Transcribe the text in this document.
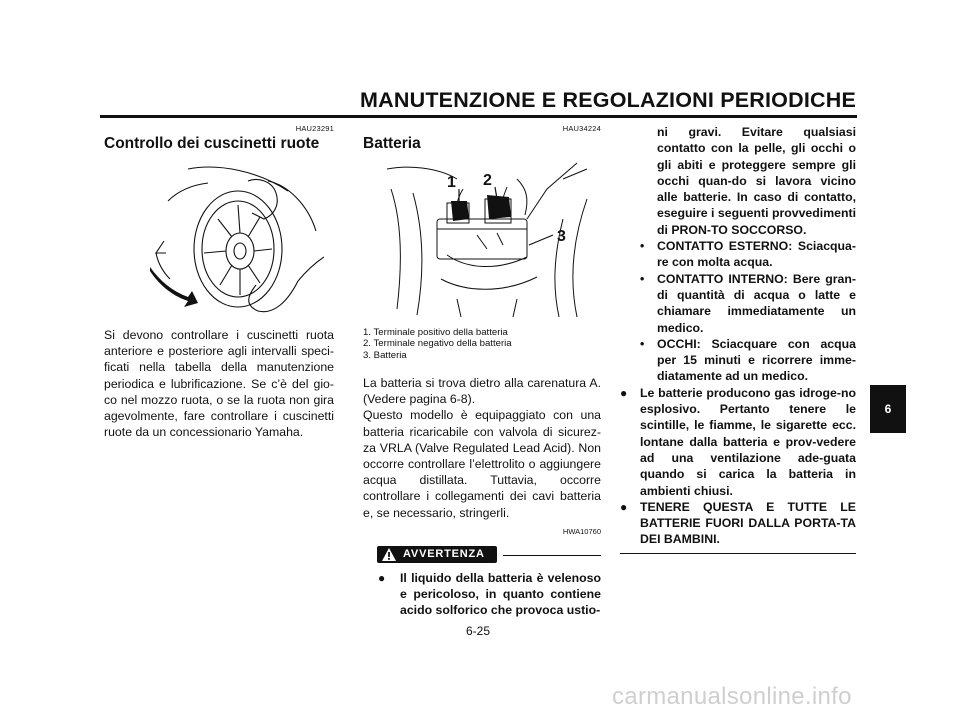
MANUTENZIONE E REGOLAZIONI PERIODICHE
HAU23291
Controllo dei cuscinetti ruote
Si devono controllare i cuscinetti ruota anteriore e posteriore agli intervalli speci-ficati nella tabella della manutenzione periodica e lubrificazione. Se c’è del gio-co nel mozzo ruota, o se la ruota non gira agevolmente, fare controllare i cuscinetti ruote da un concessionario Yamaha.
HAU34224
Batteria
1 2
3
1. Terminale positivo della batteria
2. Terminale negativo della batteria
3. Batteria
La batteria si trova dietro alla carenatura A. (Vedere pagina 6-8).
Questo modello è equipaggiato con una batteria ricaricabile con valvola di sicurez-za VRLA (Valve Regulated Lead Acid). Non occorre controllare l’elettrolito o aggiungere acqua distillata. Tuttavia, occorre controllare i collegamenti dei cavi batteria e, se necessario, stringerli.
HWA10760
AVVERTENZA
● Il liquido della batteria è velenoso e pericoloso, in quanto contiene acido solforico che provoca ustio-
ni gravi. Evitare qualsiasi contatto con la pelle, gli occhi o gli abiti e proteggere sempre gli occhi quan-do si lavora vicino alle batterie. In caso di contatto, eseguire i seguenti provvedimenti di PRON-TO SOCCORSO.
• CONTATTO ESTERNO: Sciacqua-re con molta acqua.
• CONTATTO INTERNO: Bere gran-di quantità di acqua o latte e chiamare immediatamente un medico.
• OCCHI: Sciacquare con acqua per 15 minuti e ricorrere imme-diatamente ad un medico.
● Le batterie producono gas idroge-no esplosivo. Pertanto tenere le scintille, le fiamme, le sigarette ecc. lontane dalla batteria e prov-vedere ad una ventilazione ade-guata quando si carica la batteria in ambienti chiusi.
● TENERE QUESTA E TUTTE LE BATTERIE FUORI DALLA PORTA-TA DEI BAMBINI.
6-25
6
carmanualsonline.info
